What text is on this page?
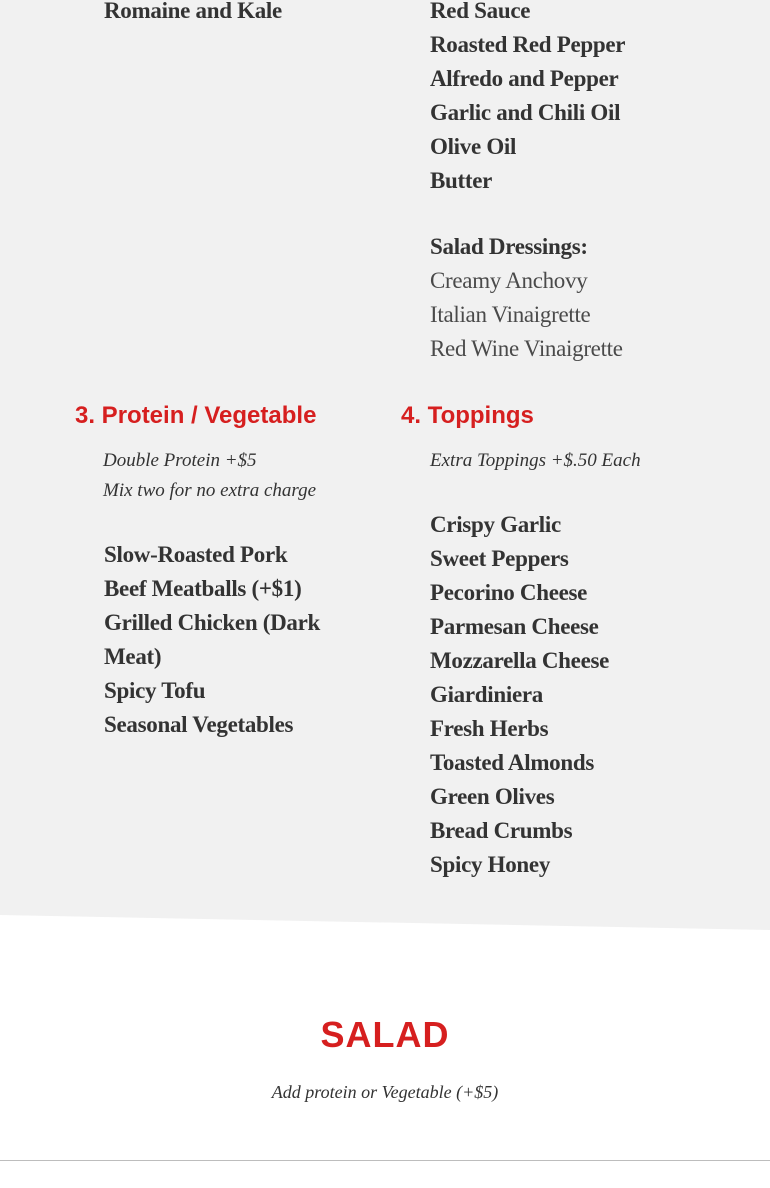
Romaine and Kale	Red Sauce
Roasted Red Pepper
Alfredo and Pepper
Garlic and Chili Oil
Olive Oil
Butter
Salad Dressings:
Creamy Anchovy
Italian Vinaigrette
Red Wine Vinaigrette
3. Protein / Vegetable
Double Protein +$5
Mix two for no extra charge
Slow-Roasted Pork
Beef Meatballs (+$1)
Grilled Chicken (Dark Meat)
Spicy Tofu
Seasonal Vegetables
4. Toppings
Extra Toppings +$.50 Each
Crispy Garlic
Sweet Peppers
Pecorino Cheese
Parmesan Cheese
Mozzarella Cheese
Giardiniera
Fresh Herbs
Toasted Almonds
Green Olives
Bread Crumbs
Spicy Honey
SALAD
Add protein or Vegetable (+$5)
